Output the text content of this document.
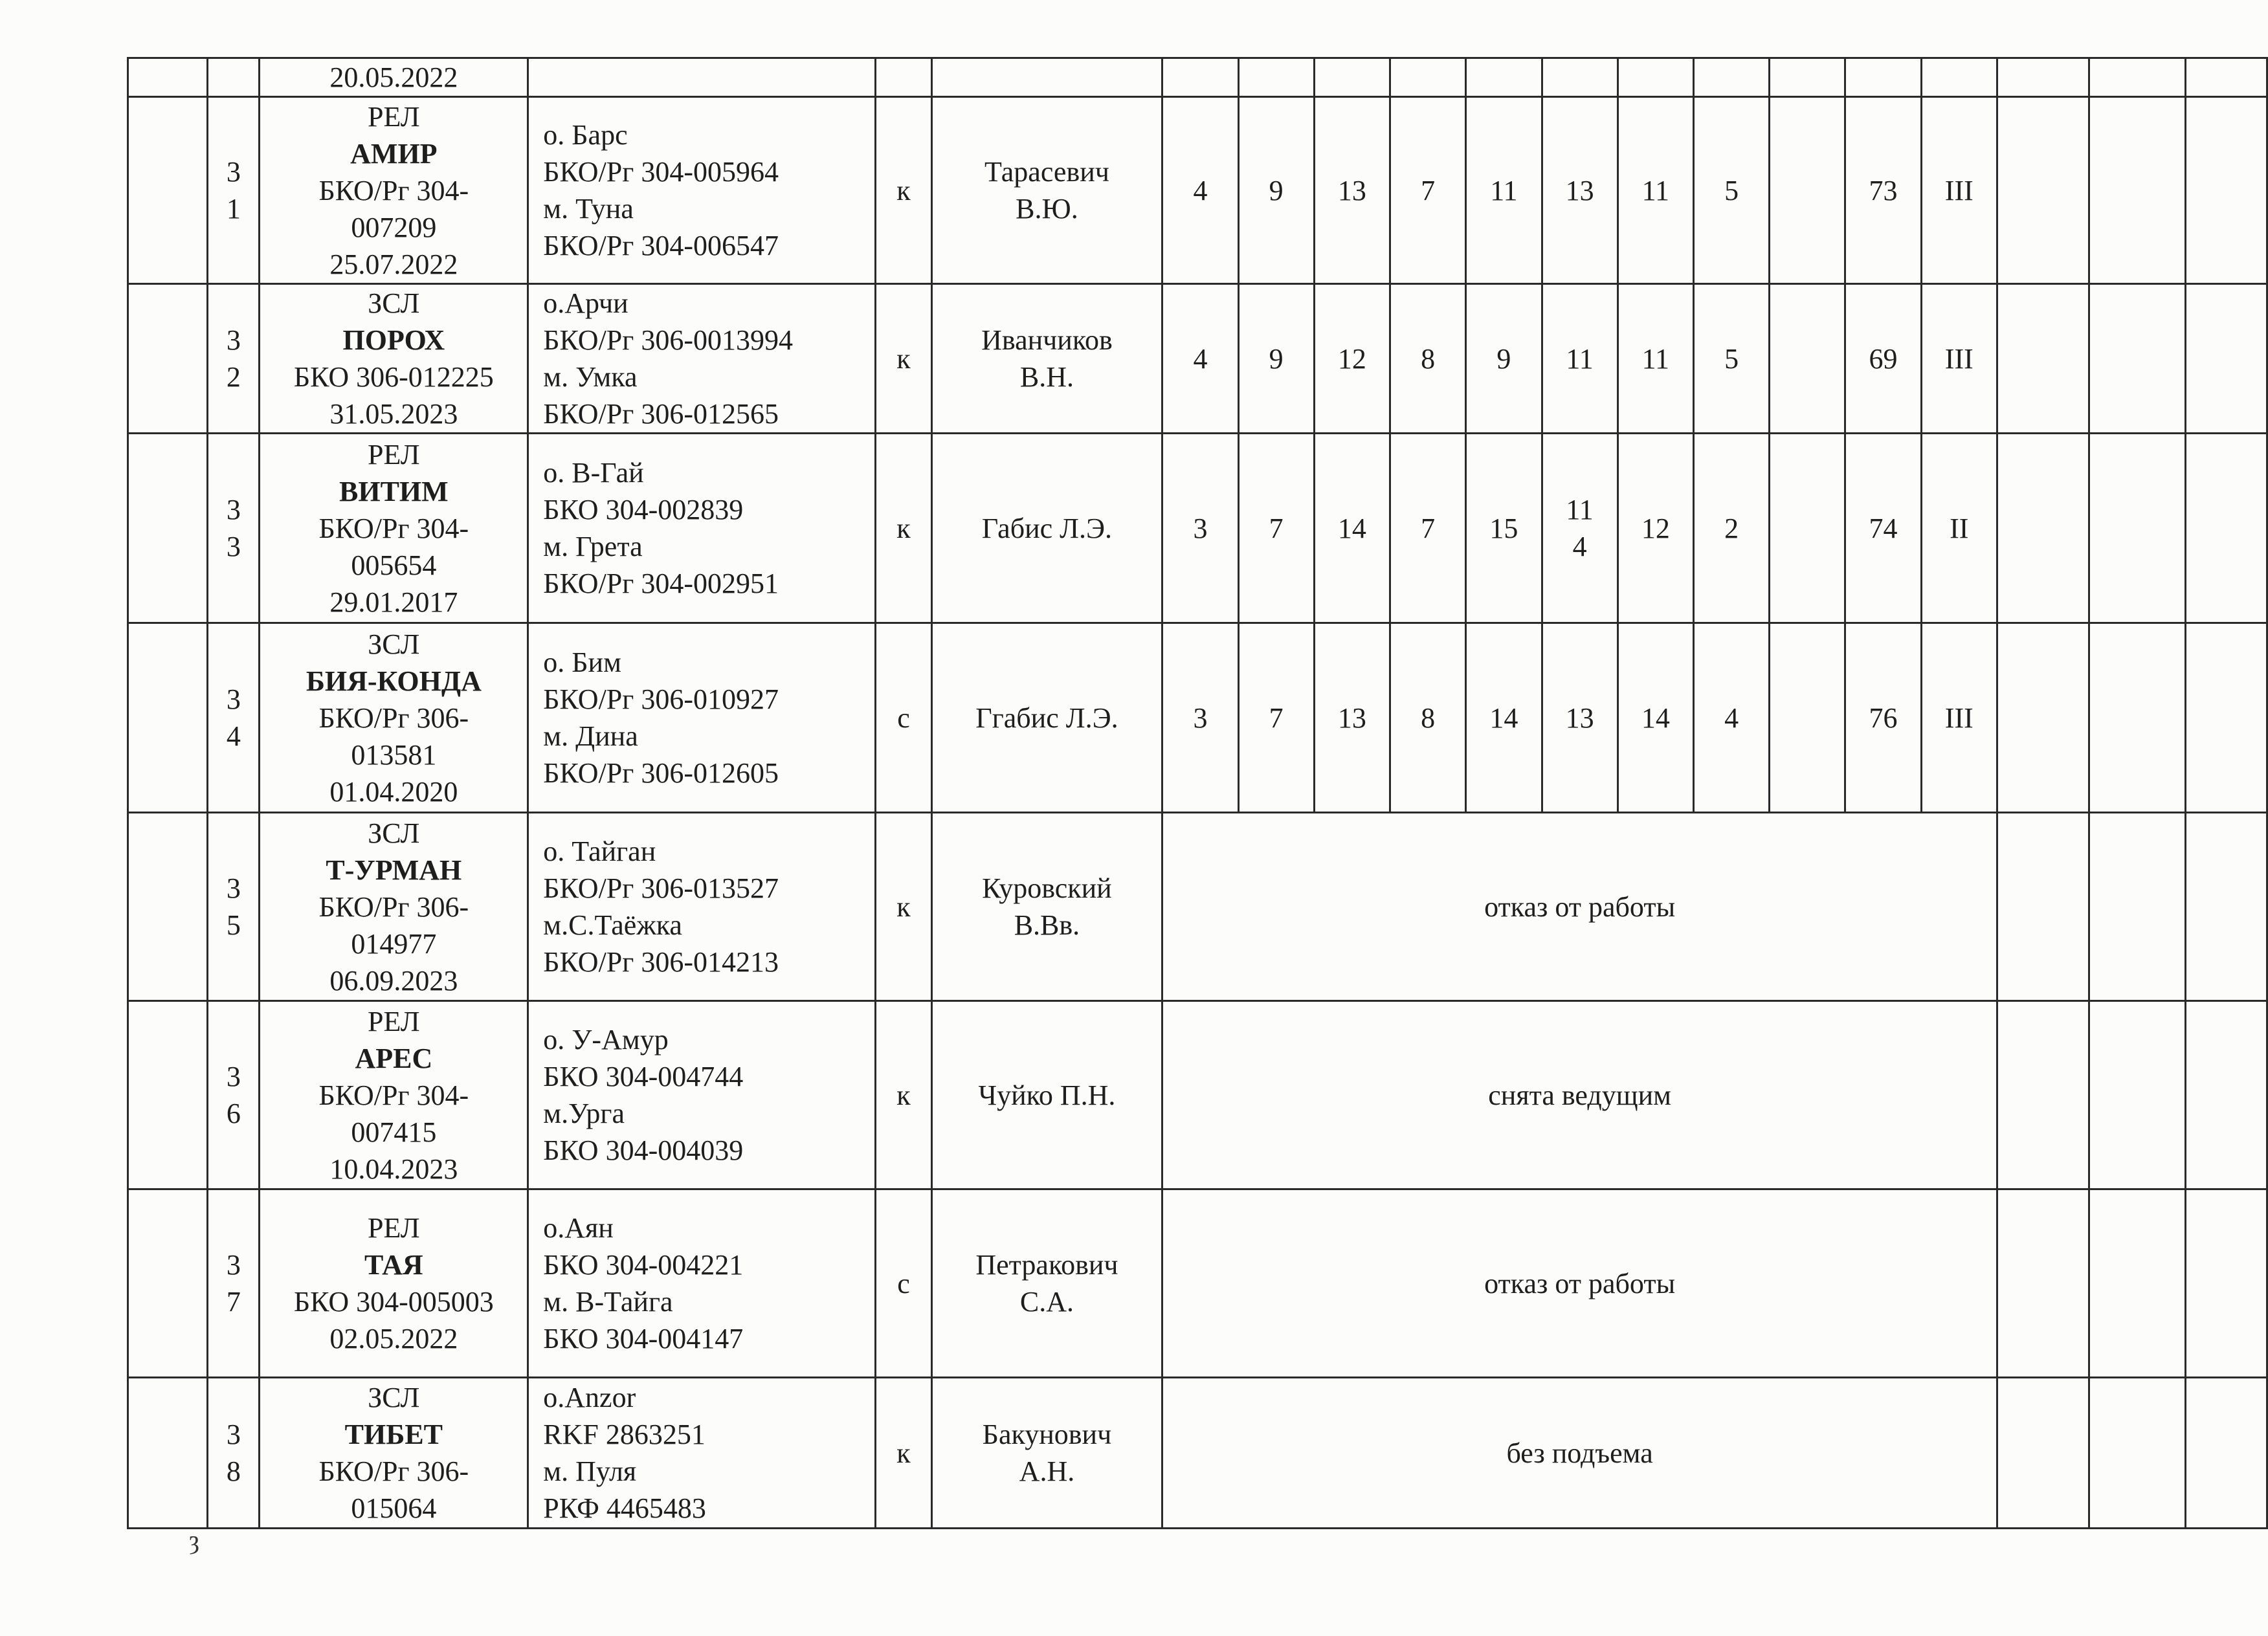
		20.05.2022																	

	3
1	РЕЛ
АМИР
БКО/Рг 304-
007209
25.07.2022	о. Барс
БКО/Рг 304-005964
м. Туна
БКО/Рг 304-006547	к	Тарасевич
В.Ю.	4	9	13	7	11	13	11	5		73	III			

	3
2	ЗСЛ
ПОРОХ
БКО 306-012225
31.05.2023	о.Арчи
БКО/Рг 306-0013994
м. Умка
БКО/Рг 306-012565	к	Иванчиков
В.Н.	4	9	12	8	9	11	11	5		69	III			

	3
3	РЕЛ
ВИТИМ
БКО/Рг 304-
005654
29.01.2017	о. В-Гай
БКО 304-002839
м. Грета
БКО/Рг 304-002951	к	Габис Л.Э.	3	7	14	7	15	11
4	12	2		74	II			

	3
4	ЗСЛ
БИЯ-КОНДА
БКО/Рг 306-
013581
01.04.2020	о. Бим
БКО/Рг 306-010927
м. Дина
БКО/Рг 306-012605	с	Ггабис Л.Э.	3	7	13	8	14	13	14	4		76	III			

	3
5	ЗСЛ
Т-УРМАН
БКО/Рг 306-
014977
06.09.2023	о. Тайган
БКО/Рг 306-013527
м.С.Таёжка
БКО/Рг 306-014213	к	Куровский
В.Вв.	отказ от работы													

	3
6	РЕЛ
АРЕС
БКО/Рг 304-
007415
10.04.2023	о. У-Амур
БКО 304-004744
м.Урга
БКО 304-004039	к	Чуйко П.Н.	снята ведущим													

	3
7	РЕЛ
ТАЯ
БКО 304-005003
02.05.2022	о.Аян
БКО 304-004221
м. В-Тайга
БКО 304-004147	с	Петракович
С.А.	отказ от работы													

	3
8	ЗСЛ
ТИБЕТ
БКО/Рг 306-
015064	о.Anzor
RKF 2863251
м. Пуля
РКФ 4465483	к	Бакунович
А.Н.	без подъема													
ȝ
